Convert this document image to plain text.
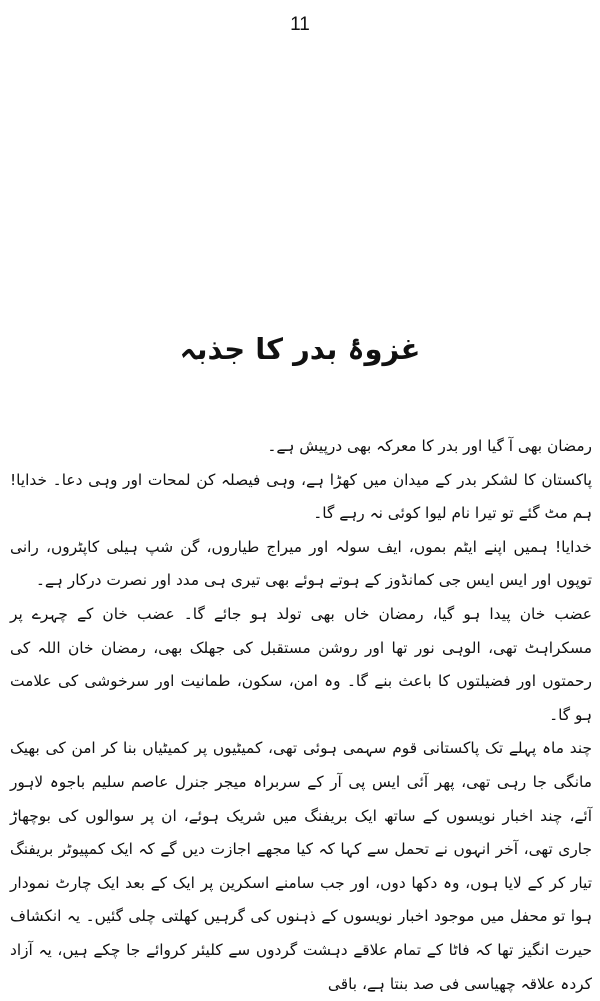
11
غزوۂ بدر کا جذبہ

رمضان بھی آ گیا اور بدر کا معرکہ بھی درپیش ہے۔

پاکستان کا لشکر بدر کے میدان میں کھڑا ہے، وہی فیصلہ کن لمحات اور وہی دعا۔ خدایا! ہم مٹ گئے تو تیرا نام لیوا کوئی نہ رہے گا۔

خدایا! ہمیں اپنے ایٹم بموں، ایف سولہ اور میراج طیاروں، گن شپ ہیلی کاپٹروں، رانی توپوں اور ایس ایس جی کمانڈوز کے ہوتے ہوئے بھی تیری ہی مدد اور نصرت درکار ہے۔

عضب خان پیدا ہو گیا، رمضان خاں بھی تولد ہو جائے گا۔ عضب خان کے چہرے پر مسکراہٹ تھی، الوہی نور تھا اور روشن مستقبل کی جھلک بھی، رمضان خان اللہ کی رحمتوں اور فضیلتوں کا باعث بنے گا۔ وہ امن، سکون، طمانیت اور سرخوشی کی علامت ہو گا۔

چند ماہ پہلے تک پاکستانی قوم سہمی ہوئی تھی، کمیٹیوں پر کمیٹیاں بنا کر امن کی بھیک مانگی جا رہی تھی، پھر آئی ایس پی آر کے سربراہ میجر جنرل عاصم سلیم باجوہ لاہور آئے، چند اخبار نویسوں کے ساتھ ایک بریفنگ میں شریک ہوئے، ان پر سوالوں کی بوچھاڑ جاری تھی، آخر انہوں نے تحمل سے کہا کہ کیا مجھے اجازت دیں گے کہ ایک کمپیوٹر بریفنگ تیار کر کے لایا ہوں، وہ دکھا دوں، اور جب سامنے اسکرین پر ایک کے بعد ایک چارٹ نمودار ہوا تو محفل میں موجود اخبار نویسوں کے ذہنوں کی گرہیں کھلتی چلی گئیں۔ یہ انکشاف حیرت انگیز تھا کہ فاٹا کے تمام علاقے دہشت گردوں سے کلیئر کروائے جا چکے ہیں، یہ آزاد کردہ علاقہ چھیاسی فی صد بنتا ہے، باقی
